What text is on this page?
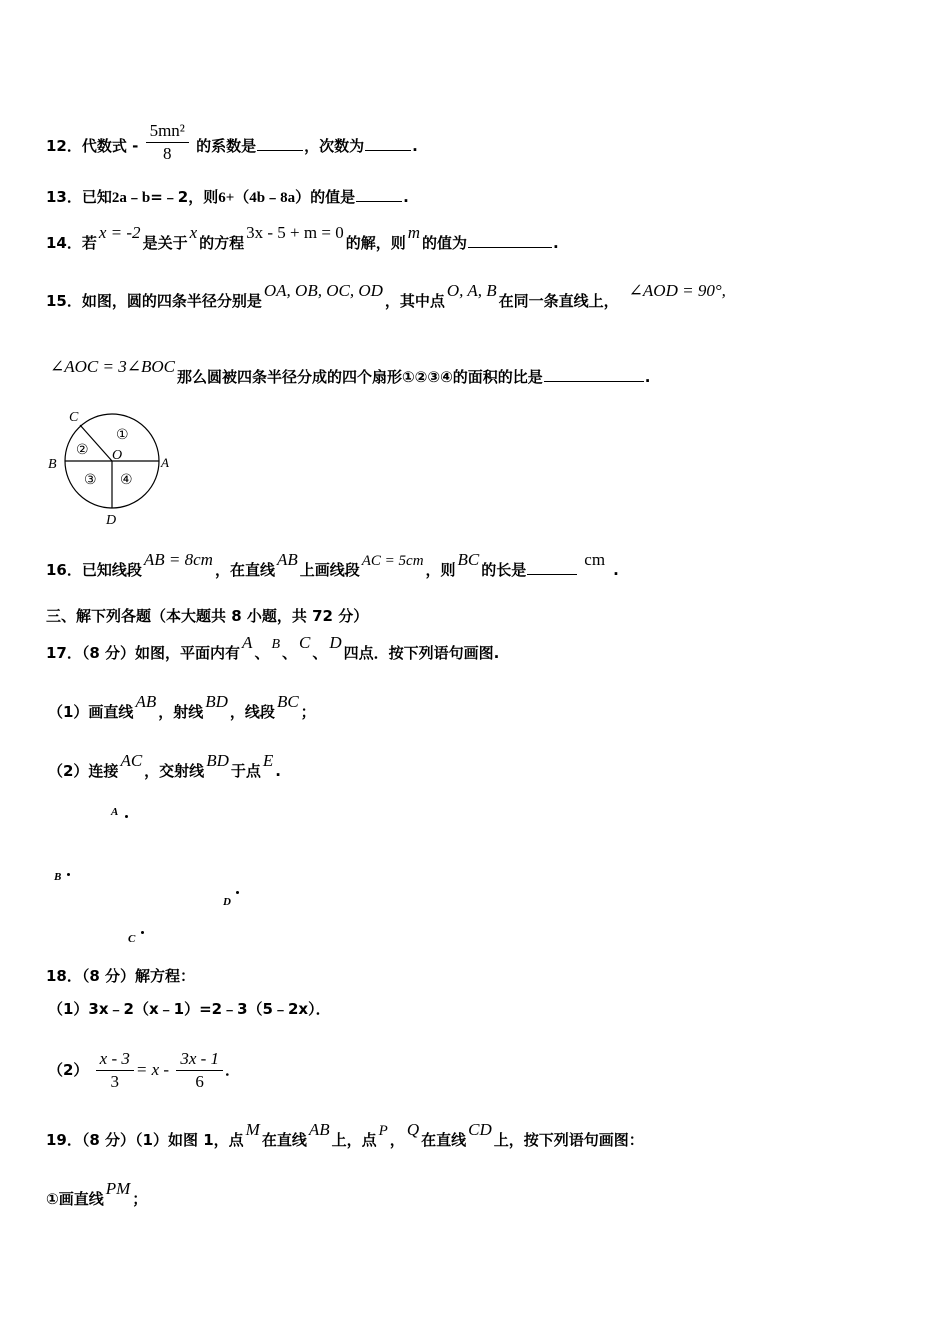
12．代数式 - $\frac{\text{5mn²}}{8}$ 的系数是	，次数为	.
13．已知2a﹣b=﹣2，则6+（4b﹣8a）的值是	.
14．若x = -2是关于x的方程3x - 5 + m = 0的解，则m的值为	.
15．如图，圆的四条半径分别是OA, OB, OC, OD，其中点O, A, B在同一条直线上，∠AOD = 90°,
∠AOC = 3∠BOC那么圆被四条半径分成的四个扇形①②③④的面积的比是	.
C
B
O	A
D
①
②
③ ④
16．已知线段AB = 8cm，在直线AB上画线段 AC = 5cm ，则BC的长是cm.
三、解下列各题（本大题共 8 小题，共 72 分）
17．（8 分）如图，平面内有A、 B 、C、D四点．按下列语句画图.
（1）画直线AB，射线BD，线段BC；
（2）连接AC，交射线BD于点E.
A
B
D
C
18．（8 分）解方程：
（1）3x﹣2（x﹣1）=2﹣3（5﹣2x）．
$(2) \frac{x - 3}{3} = x - \frac{3x - 1}{6}$ ．
19．（8 分）（1）如图 1，点M在直线AB上，点 P ，Q在直线CD上，按下列语句画图：
①画直线PM；
